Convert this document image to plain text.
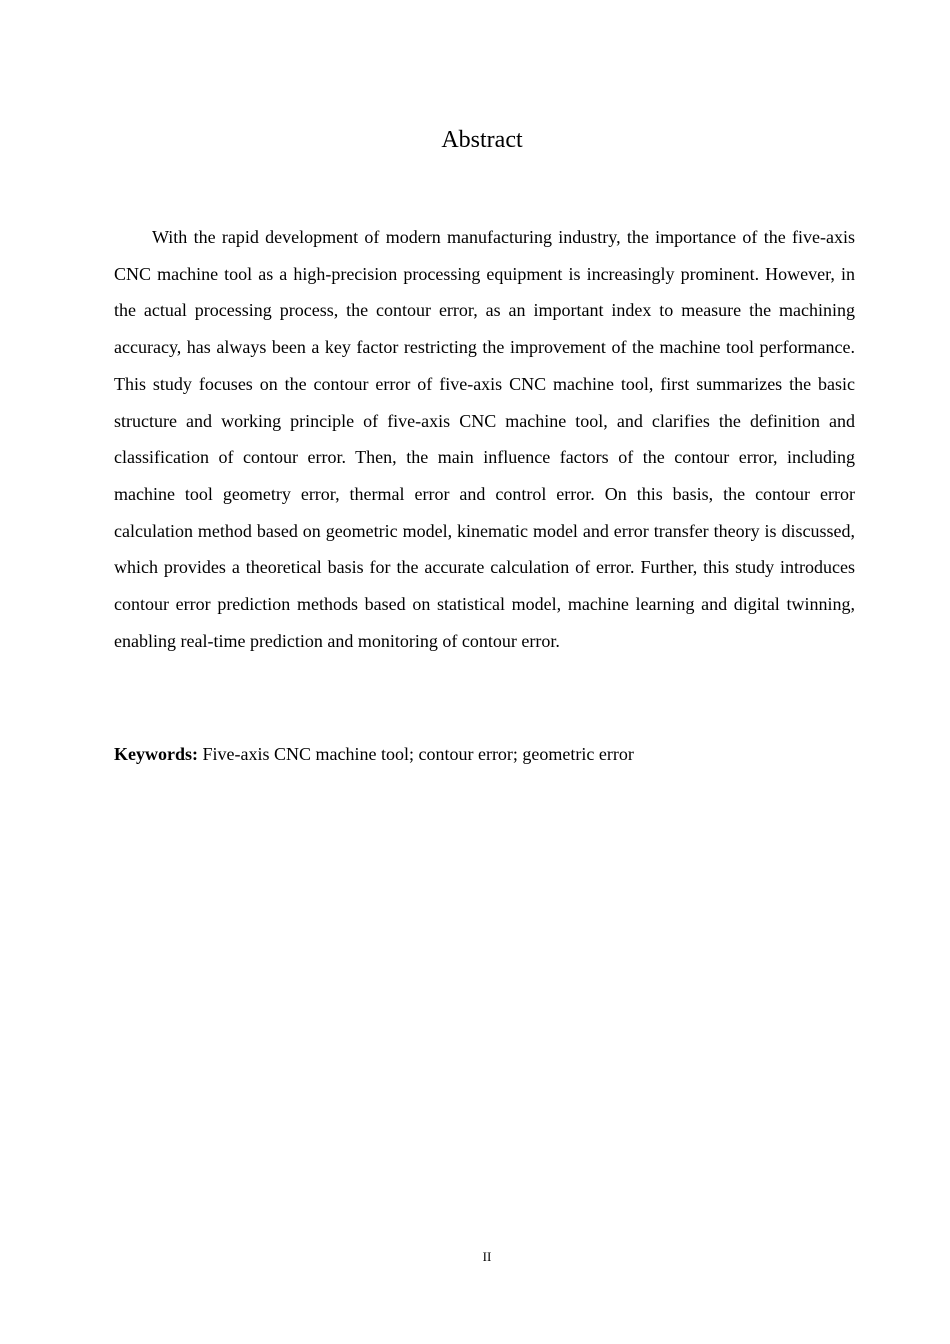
Abstract

With the rapid development of modern manufacturing industry, the importance of the five-axis CNC machine tool as a high-precision processing equipment is increasingly prominent. However, in the actual processing process, the contour error, as an important index to measure the machining accuracy, has always been a key factor restricting the improvement of the machine tool performance. This study focuses on the contour error of five-axis CNC machine tool, first summarizes the basic structure and working principle of five-axis CNC machine tool, and clarifies the definition and classification of contour error. Then, the main influence factors of the contour error, including machine tool geometry error, thermal error and control error. On this basis, the contour error calculation method based on geometric model, kinematic model and error transfer theory is discussed, which provides a theoretical basis for the accurate calculation of error. Further, this study introduces contour error prediction methods based on statistical model, machine learning and digital twinning, enabling real-time prediction and monitoring of contour error.

Keywords: Five-axis CNC machine tool; contour error; geometric error

II
